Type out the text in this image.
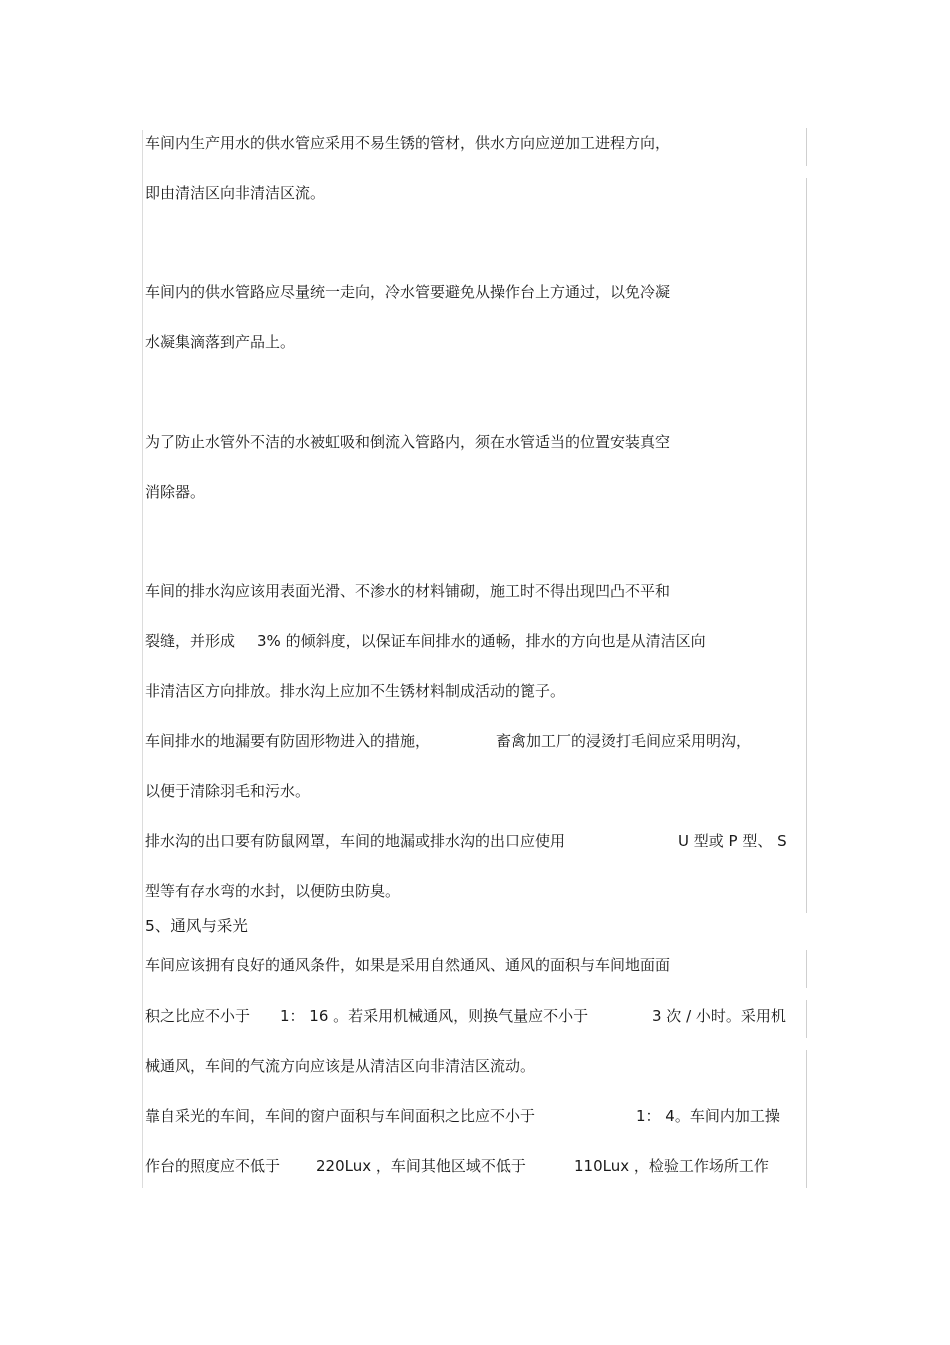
车间内生产用水的供水管应采用不易生锈的管材，供水方向应逆加工进程方向，
即由清洁区向非清洁区流。
车间内的供水管路应尽量统一走向，冷水管要避免从操作台上方通过，以免冷凝
水凝集滴落到产品上。
为了防止水管外不洁的水被虹吸和倒流入管路内，须在水管适当的位置安装真空
消除器。
车间的排水沟应该用表面光滑、不渗水的材料铺砌，施工时不得出现凹凸不平和
裂缝，并形成 3% 的倾斜度，以保证车间排水的通畅，排水的方向也是从清洁区向
非清洁区方向排放。排水沟上应加不生锈材料制成活动的篦子。
车间排水的地漏要有防固形物进入的措施，	畜禽加工厂的浸烫打毛间应采用明沟，
以便于清除羽毛和污水。
排水沟的出口要有防鼠网罩，车间的地漏或排水沟的出口应使用	U 型或 P 型、 S
型等有存水弯的水封，以便防虫防臭。
5、通风与采光
车间应该拥有良好的通风条件，如果是采用自然通风、通风的面积与车间地面面
积之比应不小于 1： 16 。若采用机械通风，则换气量应不小于	3 次 / 小时。采用机
械通风，车间的气流方向应该是从清洁区向非清洁区流动。
靠自采光的车间，车间的窗户面积与车间面积之比应不小于	1： 4。车间内加工操
作台的照度应不低于 220Lux ，车间其他区域不低于	110Lux ，检验工作场所工作
